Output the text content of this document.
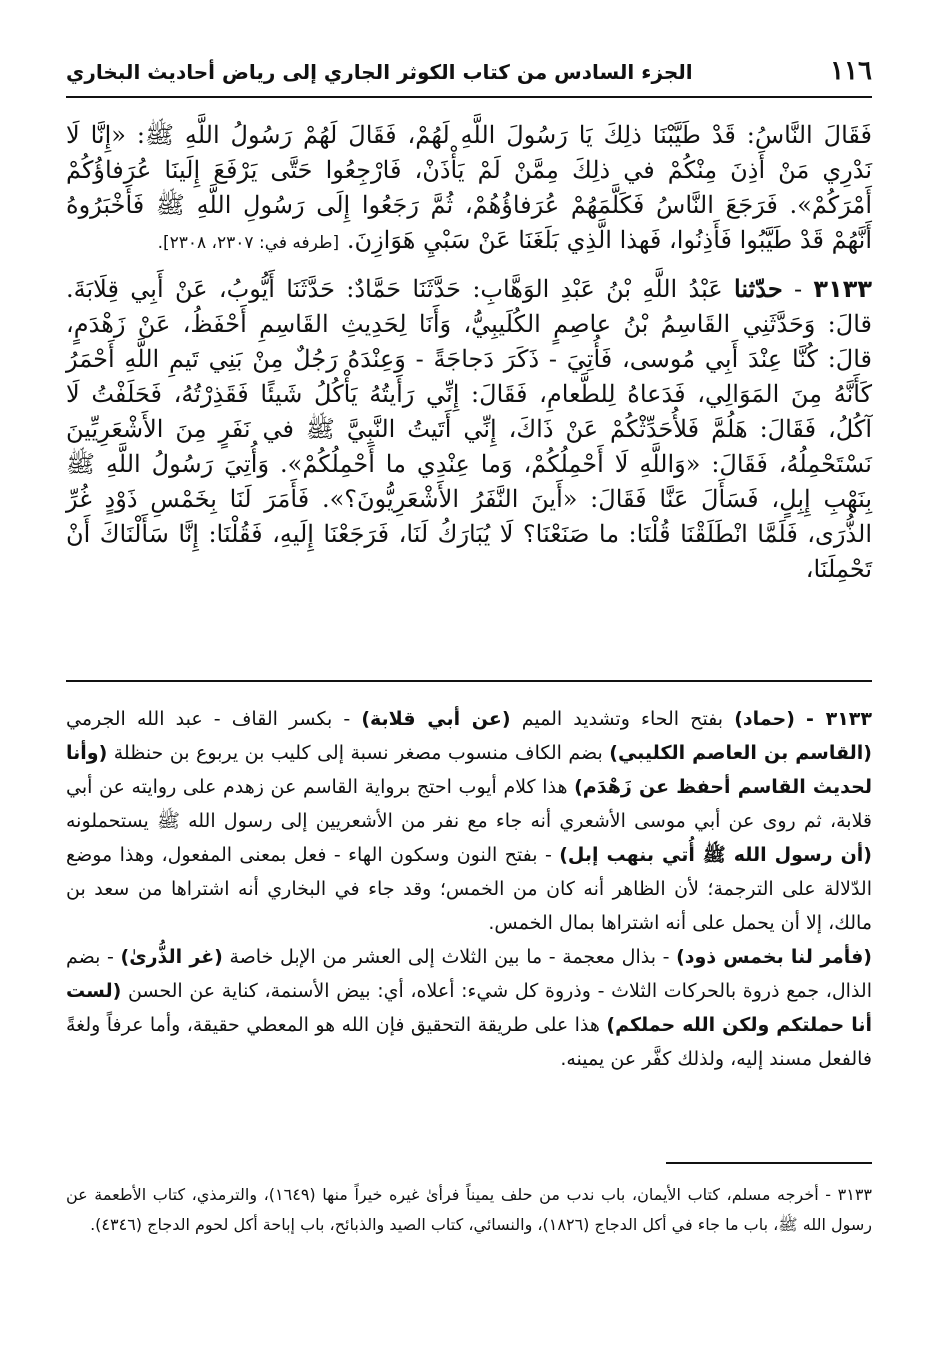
١١٦
الجزء السادس من كتاب الكوثر الجاري إلى رياض أحاديث البخاري

فَقَالَ النَّاسُ: قَدْ طَيَّبْنَا ذلِكَ يَا رَسُولَ اللَّهِ لَهُمْ، فَقَالَ لَهُمْ رَسُولُ اللَّهِ ﷺ: «إِنَّا لَا نَدْرِي مَنْ أَذِنَ مِنْكُمْ في ذلِكَ مِمَّنْ لَمْ يَأْذَنْ، فَارْجِعُوا حَتَّى يَرْفَعَ إِلَينَا عُرَفاؤُكُمْ أَمْرَكُمْ». فَرَجَعَ النَّاسُ فَكَلَّمَهُمْ عُرَفاؤُهُمْ، ثُمَّ رَجَعُوا إِلَى رَسُولِ اللَّهِ ﷺ فَأَخْبَرُوهُ أَنَّهُمْ قَدْ طَيَّبُوا فَأَذِنُوا، فَهذا الَّذِي بَلَغَنَا عَنْ سَبْيِ هَوَازِنَ. [طرفه في: ٢٣٠٧، ٢٣٠٨].

٣١٣٣ - حدّثنا عَبْدُ اللَّهِ بْنُ عَبْدِ الوَهَّابِ: حَدَّثَنَا حَمَّادٌ: حَدَّثَنَا أَيُّوبُ، عَنْ أَبِي قِلَابَةَ. قالَ: وَحَدَّثَنِي القَاسِمُ بْنُ عاصِمٍ الكُلَيبِيُّ، وَأَنَا لِحَدِيثِ القَاسِمِ أَحْفَظُ، عَنْ زَهْدَمٍ، قالَ: كُنَّا عِنْدَ أَبِي مُوسى، فَأُتِيَ - ذَكَرَ دَجاجَةً - وَعِنْدَهُ رَجُلٌ مِنْ بَنِي تَيمِ اللَّهِ أَحْمَرُ كَأَنَّهُ مِنَ المَوَالِي، فَدَعاهُ لِلطَّعامِ، فَقَالَ: إِنِّي رَأَيتُهُ يَأْكُلُ شَيئًا فَقَذِرْتُهُ، فَحَلَفْتُ لَا آكُلُ، فَقَالَ: هَلُمَّ فَلأُحَدِّثْكُمْ عَنْ ذَاكَ، إِنِّي أَتَيتُ النَّبِيَّ ﷺ في نَفَرٍ مِنَ الأَشْعَرِيِّينَ نَسْتَحْمِلُهُ، فَقَالَ: «وَاللَّهِ لَا أَحْمِلُكُمْ، وَما عِنْدِي ما أَحْمِلُكُمْ». وَأُتِيَ رَسُولُ اللَّهِ ﷺ بِنَهْبِ إِبِلٍ، فَسَأَلَ عَنَّا فَقَالَ: «أَينَ النَّفَرُ الأَشْعَرِيُّونَ؟». فَأَمَرَ لَنَا بِخَمْسِ ذَوْدٍ غُرِّ الذُّرَى، فَلَمَّا انْطَلَقْنَا قُلْنَا: ما صَنَعْنَا؟ لَا يُبَارَكُ لَنَا، فَرَجَعْنَا إِلَيهِ، فَقُلْنَا: إِنَّا سَأَلْنَاكَ أَنْ تَحْمِلَنَا،

٣١٣٣ - (حماد) بفتح الحاء وتشديد الميم (عن أبي قلابة) - بكسر القاف - عبد الله الجرمي (القاسم بن العاصم الكليبي) بضم الكاف منسوب مصغر نسبة إلى كليب بن يربوع بن حنظلة (وأنا لحديث القاسم أحفظ عن زَهْدَم) هذا كلام أيوب احتج برواية القاسم عن زهدم على روايته عن أبي قلابة، ثم روى عن أبي موسى الأشعري أنه جاء مع نفر من الأشعريين إلى رسول الله ﷺ يستحملونه (أن رسول الله ﷺ أُتي بنهب إبل) - بفتح النون وسكون الهاء - فعل بمعنى المفعول، وهذا موضع الدّلالة على الترجمة؛ لأن الظاهر أنه كان من الخمس؛ وقد جاء في البخاري أنه اشتراها من سعد بن مالك، إلا أن يحمل على أنه اشتراها بمال الخمس.

(فأمر لنا بخمس ذود) - بذال معجمة - ما بين الثلاث إلى العشر من الإبل خاصة (غر الذُّرىٰ) - بضم الذال، جمع ذروة بالحركات الثلاث - وذروة كل شيء: أعلاه، أي: بيض الأسنمة، كناية عن الحسن (لست أنا حملتكم ولكن الله حملكم) هذا على طريقة التحقيق فإن الله هو المعطي حقيقة، وأما عرفاً ولغةً فالفعل مسند إليه، ولذلك كفَّر عن يمينه.

٣١٣٣ - أخرجه مسلم، كتاب الأيمان، باب ندب من حلف يميناً فرأىٰ غيره خيراً منها (١٦٤٩)، والترمذي، كتاب الأطعمة عن رسول الله ﷺ، باب ما جاء في أكل الدجاج (١٨٢٦)، والنسائي، كتاب الصيد والذبائح، باب إباحة أكل لحوم الدجاج (٤٣٤٦).
